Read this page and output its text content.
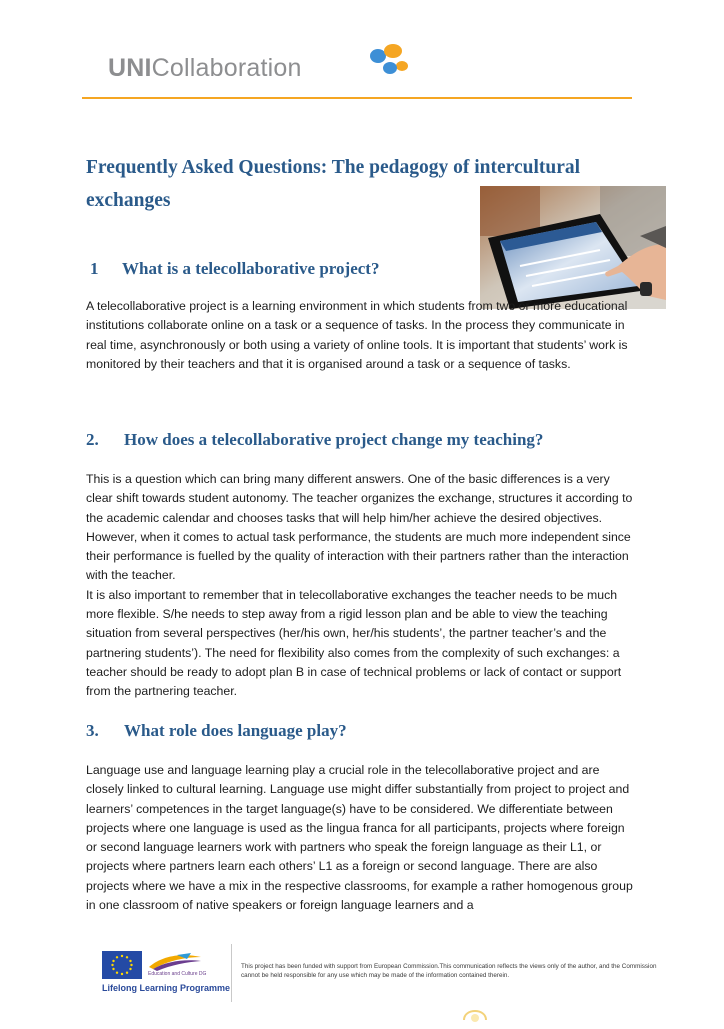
UNICollaboration
Frequently Asked Questions: The pedagogy of intercultural exchanges
1 What is a telecollaborative project?

A telecollaborative project is a learning environment in which students from two or more educational institutions collaborate online on a task or a sequence of tasks. In the process they communicate in real time, asynchronously or both using a variety of online tools. It is important that students’ work is monitored by their teachers and that it is organised around a task or a sequence of tasks.

2. How does a telecollaborative project change my teaching?

This is a question which can bring many different answers. One of the basic differences is a very clear shift towards student autonomy. The teacher organizes the exchange, structures it according to the academic calendar and chooses tasks that will help him/her achieve the desired objectives. However, when it comes to actual task performance, the students are much more independent since their performance is fuelled by the quality of interaction with their partners rather than the interaction with the teacher.

It is also important to remember that in telecollaborative exchanges the teacher needs to be much more flexible. S/he needs to step away from a rigid lesson plan and be able to view the teaching situation from several perspectives (her/his own, her/his students’, the partner teacher’s and the partnering students’). The need for flexibility also comes from the complexity of such exchanges: a teacher should be ready to adopt plan B in case of technical problems or lack of contact or support from the partnering teacher.

3. What role does language play?

Language use and language learning play a crucial role in the telecollaborative project and are closely linked to cultural learning. Language use might differ substantially from project to project and learners’ competences in the target language(s) have to be considered. We differentiate between projects where one language is used as the lingua franca for all participants, projects where foreign or second language learners work with partners who speak the foreign language as their L1, or projects where partners learn each others’ L1 as a foreign or second language. There are also projects where we have a mix in the respective classrooms, for example a rather homogenous group in one classroom of native speakers or foreign language learners and a

Education and Culture DG
Lifelong Learning Programme
This project has been funded with support from European Commission.This communication reflects the views only of the author, and the Commission cannot be held responsible for any use which may be made of the information contained therein.
